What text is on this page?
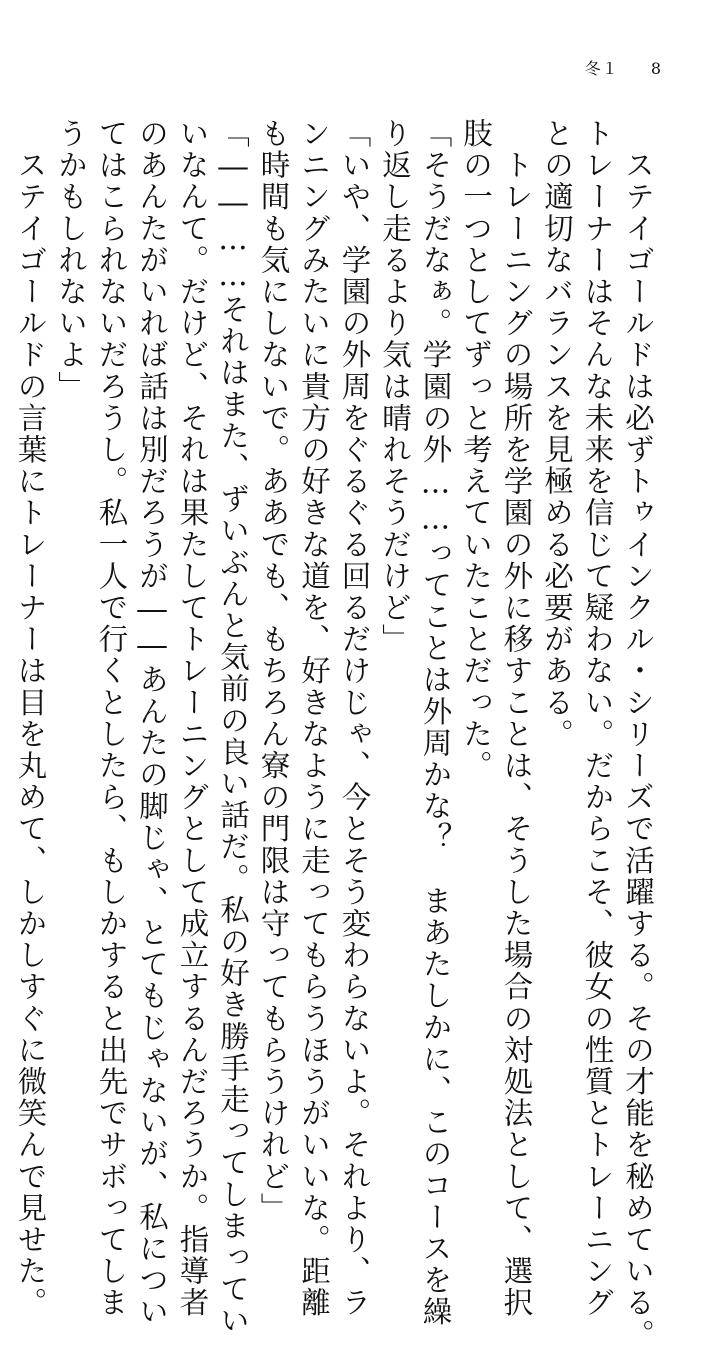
冬１ 8
　ステイゴールドは必ずトゥインクル・シリーズで活躍する。その才能を秘めている。
トレーナーはそんな未来を信じて疑わない。だからこそ、彼女の性質とトレーニング
との適切なバランスを見極める必要がある。
　トレーニングの場所を学園の外に移すことは、そうした場合の対処法として、選択
肢の一つとしてずっと考えていたことだった。
「そうだなぁ。学園の外……ってことは外周かな？　まあたしかに、このコースを繰
り返し走るより気は晴れそうだけど」
「いや、学園の外周をぐるぐる回るだけじゃ、今とそう変わらないよ。それより、ラ
ンニングみたいに貴方の好きな道を、好きなように走ってもらうほうがいいな。距離
も時間も気にしないで。ああでも、もちろん寮の門限は守ってもらうけれど」
「――……それはまた、ずいぶんと気前の良い話だ。私の好き勝手走ってしまってい
いなんて。だけど、それは果たしてトレーニングとして成立するんだろうか。指導者
のあんたがいれば話は別だろうが――あんたの脚じゃ、とてもじゃないが、私につい
てはこられないだろうし。私一人で行くとしたら、もしかすると出先でサボってしま
うかもしれないよ」
　ステイゴールドの言葉にトレーナーは目を丸めて、しかしすぐに微笑んで見せた。
